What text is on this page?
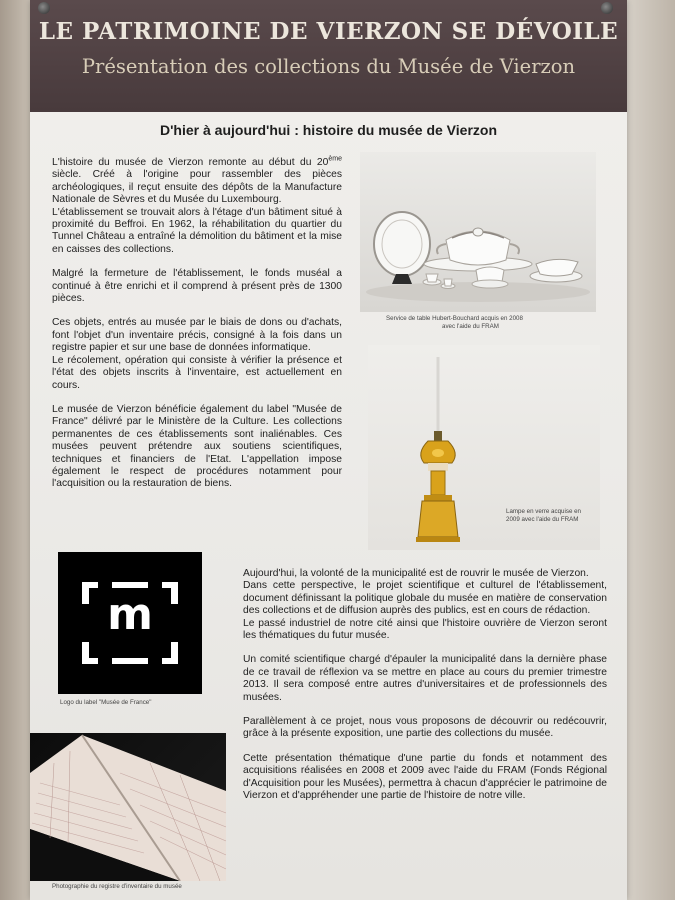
LE PATRIMOINE DE VIERZON SE DÉVOILE
Présentation des collections du Musée de Vierzon
D'hier à aujourd'hui : histoire du musée de Vierzon

L'histoire du musée de Vierzon remonte au début du 20ème siècle. Créé à l'origine pour rassembler des pièces archéologiques, il reçut ensuite des dépôts de la Manufacture Nationale de Sèvres et du Musée du Luxembourg.
L'établissement se trouvait alors à l'étage d'un bâtiment situé à proximité du Beffroi. En 1962, la réhabilitation du quartier du Tunnel Château a entraîné la démolition du bâtiment et la mise en caisses des collections.

Malgré la fermeture de l'établissement, le fonds muséal a continué à être enrichi et il comprend à présent près de 1300 pièces.

Ces objets, entrés au musée par le biais de dons ou d'achats, font l'objet d'un inventaire précis, consigné à la fois dans un registre papier et sur une base de données informatique.
Le récolement, opération qui consiste à vérifier la présence et l'état des objets inscrits à l'inventaire, est actuellement en cours.

Le musée de Vierzon bénéficie également du label "Musée de France" délivré par le Ministère de la Culture. Les collections permanentes de ces établissements sont inaliénables. Ces musées peuvent prétendre aux soutiens scientifiques, techniques et financiers de l'Etat. L'appellation impose également le respect de procédures notamment pour l'acquisition ou la restauration de biens.

Service de table Hubert-Bouchard acquis en 2008
avec l'aide du FRAM
Lampe en verre acquise en
2009 avec l'aide du FRAM
m
Logo du label "Musée de France"
Photographie du registre d'inventaire du musée

Aujourd'hui, la volonté de la municipalité est de rouvrir le musée de Vierzon.
Dans cette perspective, le projet scientifique et culturel de l'établissement, document définissant la politique globale du musée en matière de conservation des collections et de diffusion auprès des publics, est en cours de rédaction.
Le passé industriel de notre cité ainsi que l'histoire ouvrière de Vierzon seront les thématiques du futur musée.

Un comité scientifique chargé d'épauler la municipalité dans la dernière phase de ce travail de réflexion va se mettre en place au cours du premier trimestre 2013. Il sera composé entre autres d'universitaires et de professionnels des musées.

Parallèlement à ce projet, nous vous proposons de découvrir ou redécouvrir, grâce à la présente exposition, une partie des collections du musée.

Cette présentation thématique d'une partie du fonds et notamment des acquisitions réalisées en 2008 et 2009 avec l'aide du FRAM (Fonds Régional d'Acquisition pour les Musées), permettra à chacun d'apprécier le patrimoine de Vierzon et d'appréhender une partie de l'histoire de notre ville.
